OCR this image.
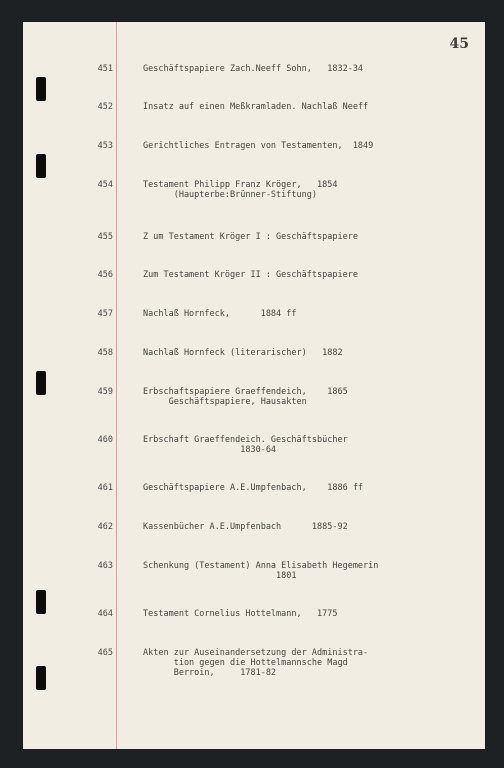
45
451	Geschäftspapiere Zach.Neeff Sohn,   1832-34
452	Insatz auf einen Meßkramladen. Nachlaß Neeff
453	Gerichtliches Entragen von Testamenten,  1849
454	Testament Philipp Franz Kröger,   1854
(Haupterbe:Brünner-Stiftung)
455	Z um Testament Kröger I : Geschäftspapiere
456	Zum Testament Kröger II : Geschäftspapiere
457	Nachlaß Hornfeck,      1884 ff
458	Nachlaß Hornfeck (literarischer)   1882
459	Erbschaftspapiere Graeffendeich,    1865
Geschäftspapiere, Hausakten
460	Erbschaft Graeffendeich. Geschäftsbücher
1830-64
461	Geschäftspapiere A.E.Umpfenbach,    1886 ff
462	Kassenbücher A.E.Umpfenbach      1885-92
463	Schenkung (Testament) Anna Elisabeth Hegemerin
1801
464	Testament Cornelius Hottelmann,   1775
465	Akten zur Auseinandersetzung der Administra-
tion gegen die Hottelmannsche Magd
Berroin,     1781-82
